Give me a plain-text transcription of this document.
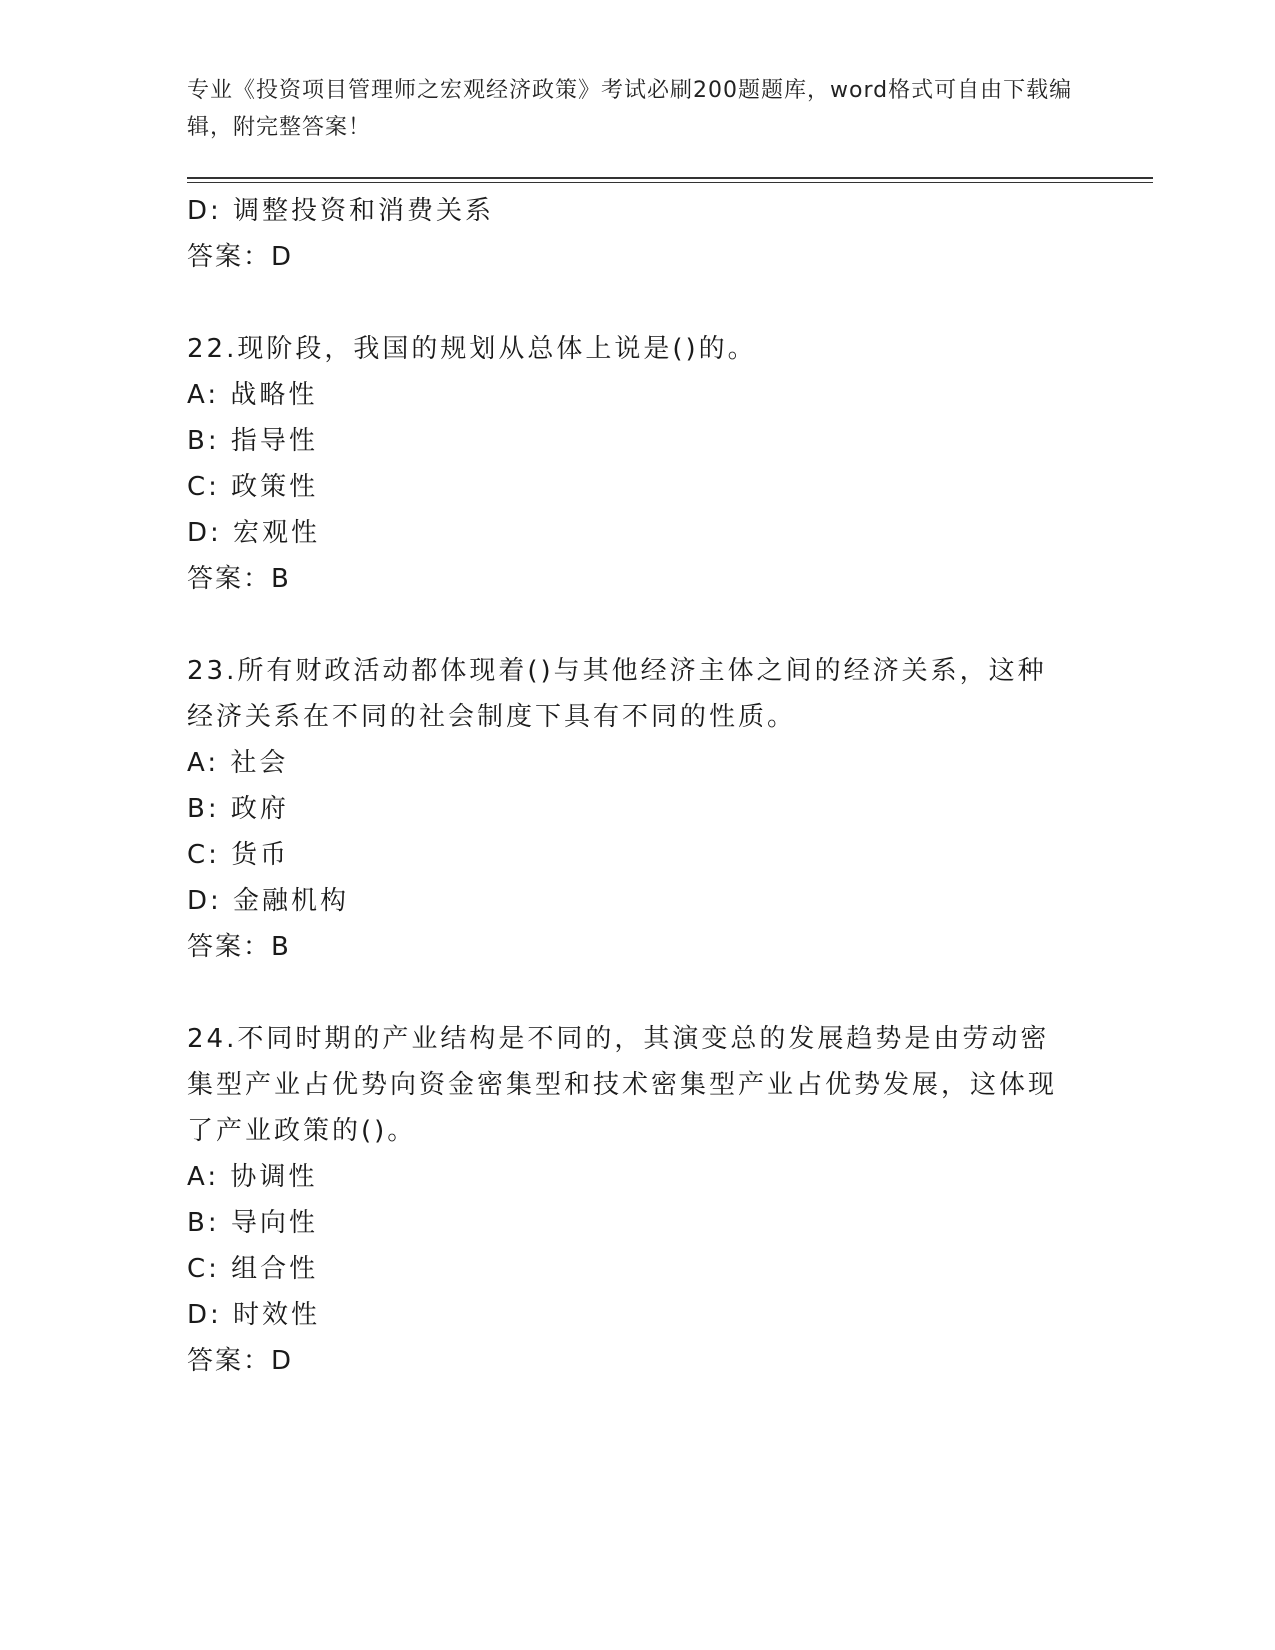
专业《投资项目管理师之宏观经济政策》考试必刷200题题库，word格式可自由下载编辑，附完整答案！
D: 调整投资和消费关系
答案：D
22.现阶段，我国的规划从总体上说是()的。
A: 战略性
B: 指导性
C: 政策性
D: 宏观性
答案：B
23.所有财政活动都体现着()与其他经济主体之间的经济关系，这种经济关系在不同的社会制度下具有不同的性质。
A: 社会
B: 政府
C: 货币
D: 金融机构
答案：B
24.不同时期的产业结构是不同的，其演变总的发展趋势是由劳动密集型产业占优势向资金密集型和技术密集型产业占优势发展，这体现了产业政策的()。
A: 协调性
B: 导向性
C: 组合性
D: 时效性
答案：D
